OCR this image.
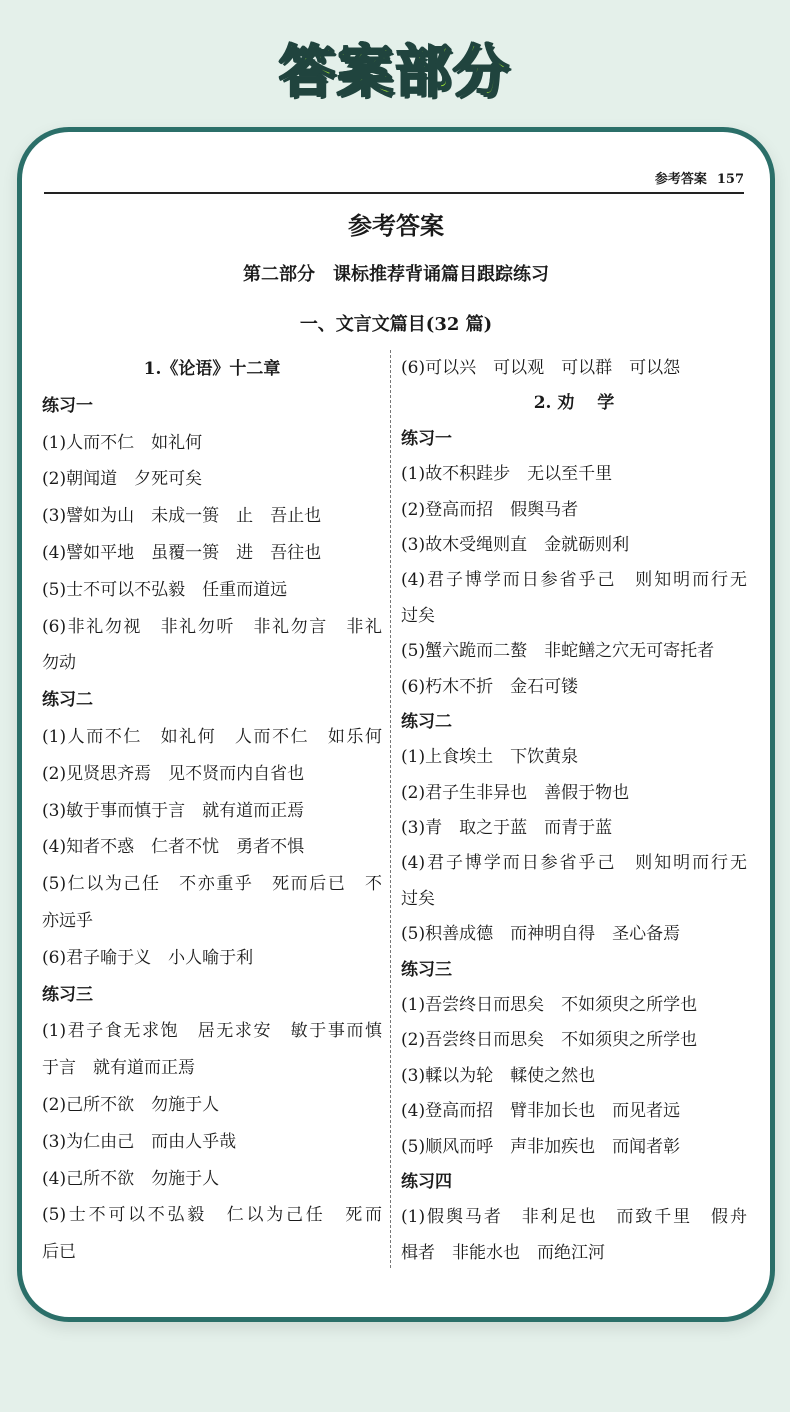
答案部分
参考答案 157
参考答案
第二部分　课标推荐背诵篇目跟踪练习
一、文言文篇目(32 篇)
1.《论语》十二章
练习一
(1)人而不仁　如礼何
(2)朝闻道　夕死可矣
(3)譬如为山　未成一篑　止　吾止也
(4)譬如平地　虽覆一篑　进　吾往也
(5)士不可以不弘毅　任重而道远
(6)非礼勿视　非礼勿听　非礼勿言　非礼
勿动
练习二
(1)人而不仁　如礼何　人而不仁　如乐何
(2)见贤思齐焉　见不贤而内自省也
(3)敏于事而慎于言　就有道而正焉
(4)知者不惑　仁者不忧　勇者不惧
(5)仁以为己任　不亦重乎　死而后已　不
亦远乎
(6)君子喻于义　小人喻于利
练习三
(1)君子食无求饱　居无求安　敏于事而慎
于言　就有道而正焉
(2)己所不欲　勿施于人
(3)为仁由己　而由人乎哉
(4)己所不欲　勿施于人
(5)士不可以不弘毅　仁以为己任　死而
后已
(6)可以兴　可以观　可以群　可以怨
2. 劝　 学
练习一
(1)故不积跬步　无以至千里
(2)登高而招　假舆马者
(3)故木受绳则直　金就砺则利
(4)君子博学而日参省乎己　则知明而行无
过矣
(5)蟹六跪而二螯　非蛇鳝之穴无可寄托者
(6)朽木不折　金石可镂
练习二
(1)上食埃土　下饮黄泉
(2)君子生非异也　善假于物也
(3)青　取之于蓝　而青于蓝
(4)君子博学而日参省乎己　则知明而行无
过矣
(5)积善成德　而神明自得　圣心备焉
练习三
(1)吾尝终日而思矣　不如须臾之所学也
(2)吾尝终日而思矣　不如须臾之所学也
(3)輮以为轮　輮使之然也
(4)登高而招　臂非加长也　而见者远
(5)顺风而呼　声非加疾也　而闻者彰
练习四
(1)假舆马者　非利足也　而致千里　假舟
楫者　非能水也　而绝江河
